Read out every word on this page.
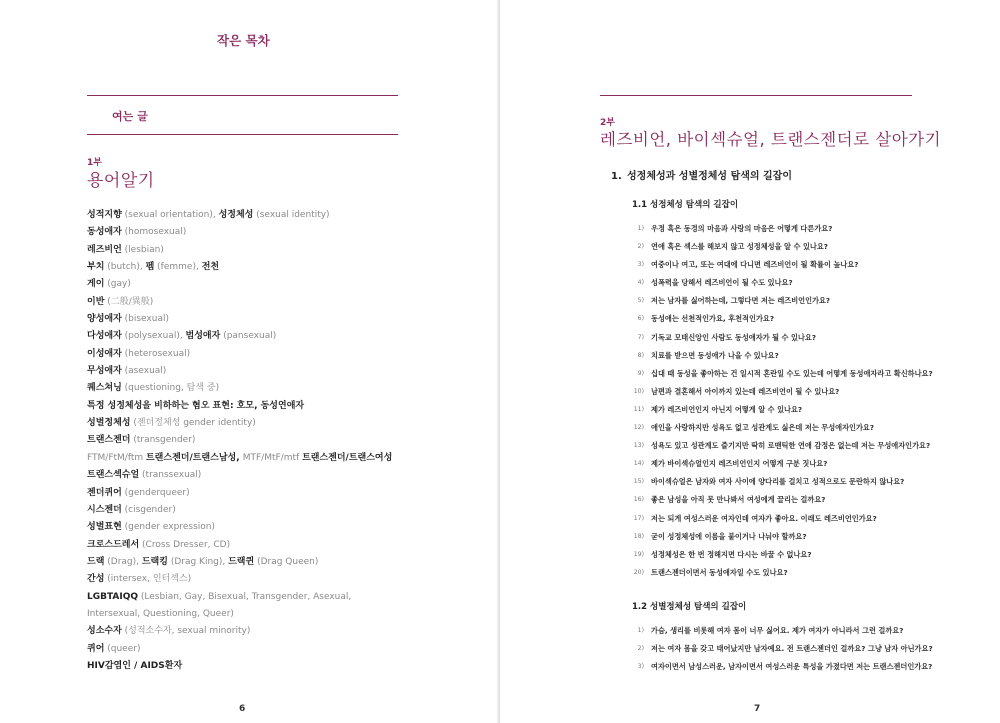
작은 목차
여는 글
1부
용어알기
성적지향 (sexual orientation), 성정체성 (sexual identity)
동성애자 (homosexual)
레즈비언 (lesbian)
부치 (butch), 펨 (femme), 전천
게이 (gay)
이반 (二般/異般)
양성애자 (bisexual)
다성애자 (polysexual), 범성애자 (pansexual)
이성애자 (heterosexual)
무성애자 (asexual)
퀘스쳐닝 (questioning, 탐색 중)
특정 성정체성을 비하하는 혐오 표현: 호모, 동성연애자
성별정체성 (젠더정체성 gender identity)
트랜스젠더 (transgender)
FTM/FtM/ftm 트랜스젠더/트랜스남성, MTF/MtF/mtf 트랜스젠더/트랜스여성
트랜스섹슈얼 (transsexual)
젠더퀴어 (genderqueer)
시스젠더 (cisgender)
성별표현 (gender expression)
크로스드레서 (Cross Dresser, CD)
드랙 (Drag), 드랙킹 (Drag King), 드랙퀸 (Drag Queen)
간성 (intersex, 인터섹스)
LGBTAIQQ (Lesbian, Gay, Bisexual, Transgender, Asexual, Intersexual, Questioning, Queer)
성소수자 (성적소수자, sexual minority)
퀴어 (queer)
HIV감염인 / AIDS환자
6
2부
레즈비언, 바이섹슈얼, 트랜스젠더로 살아가기
1. 성정체성과 성별정체성 탐색의 길잡이
1.1 성정체성 탐색의 길잡이
1) 우정 혹은 동경의 마음과 사랑의 마음은 어떻게 다른가요?
2) 연애 혹은 섹스를 해보지 않고 성정체성을 알 수 있나요?
3) 여중이나 여고, 또는 여대에 다니면 레즈비언이 될 확률이 높나요?
4) 성폭력을 당해서 레즈비언이 될 수도 있나요?
5) 저는 남자를 싫어하는데, 그렇다면 저는 레즈비언인가요?
6) 동성애는 선천적인가요, 후천적인가요?
7) 기독교 모태신앙인 사람도 동성애자가 될 수 있나요?
8) 치료를 받으면 동성애가 나을 수 있나요?
9) 십대 때 동성을 좋아하는 건 일시적 혼란일 수도 있는데 어떻게 동성애자라고 확신하나요?
10) 남편과 결혼해서 아이까지 있는데 레즈비언이 될 수 있나요?
11) 제가 레즈비언인지 아닌지 어떻게 알 수 있나요?
12) 애인을 사랑하지만 성욕도 없고 성관계도 싫은데 저는 무성애자인가요?
13) 성욕도 있고 성관계도 즐기지만 딱히 로맨틱한 연애 감정은 없는데 저는 무성애자인가요?
14) 제가 바이섹슈얼인지 레즈비언인지 어떻게 구분 짓나요?
15) 바이섹슈얼은 남자와 여자 사이에 양다리를 걸치고 성적으로도 문란하지 않나요?
16) 좋은 남성을 아직 못 만나봐서 여성에게 끌리는 걸까요?
17) 저는 되게 여성스러운 여자인데 여자가 좋아요. 이래도 레즈비언인가요?
18) 굳이 성정체성에 이름을 붙이거나 나눠야 할까요?
19) 성정체성은 한 번 정해지면 다시는 바꿀 수 없나요?
20) 트랜스젠더이면서 동성애자일 수도 있나요?
1.2 성별정체성 탐색의 길잡이
1) 가슴, 생리를 비롯해 여자 몸이 너무 싫어요. 제가 여자가 아니라서 그런 걸까요?
2) 저는 여자 몸을 갖고 태어났지만 남자예요. 전 트랜스젠더인 걸까요? 그냥 남자 아닌가요?
3) 여자이면서 남성스러운, 남자이면서 여성스러운 특성을 가졌다면 저는 트랜스젠더인가요?
7
